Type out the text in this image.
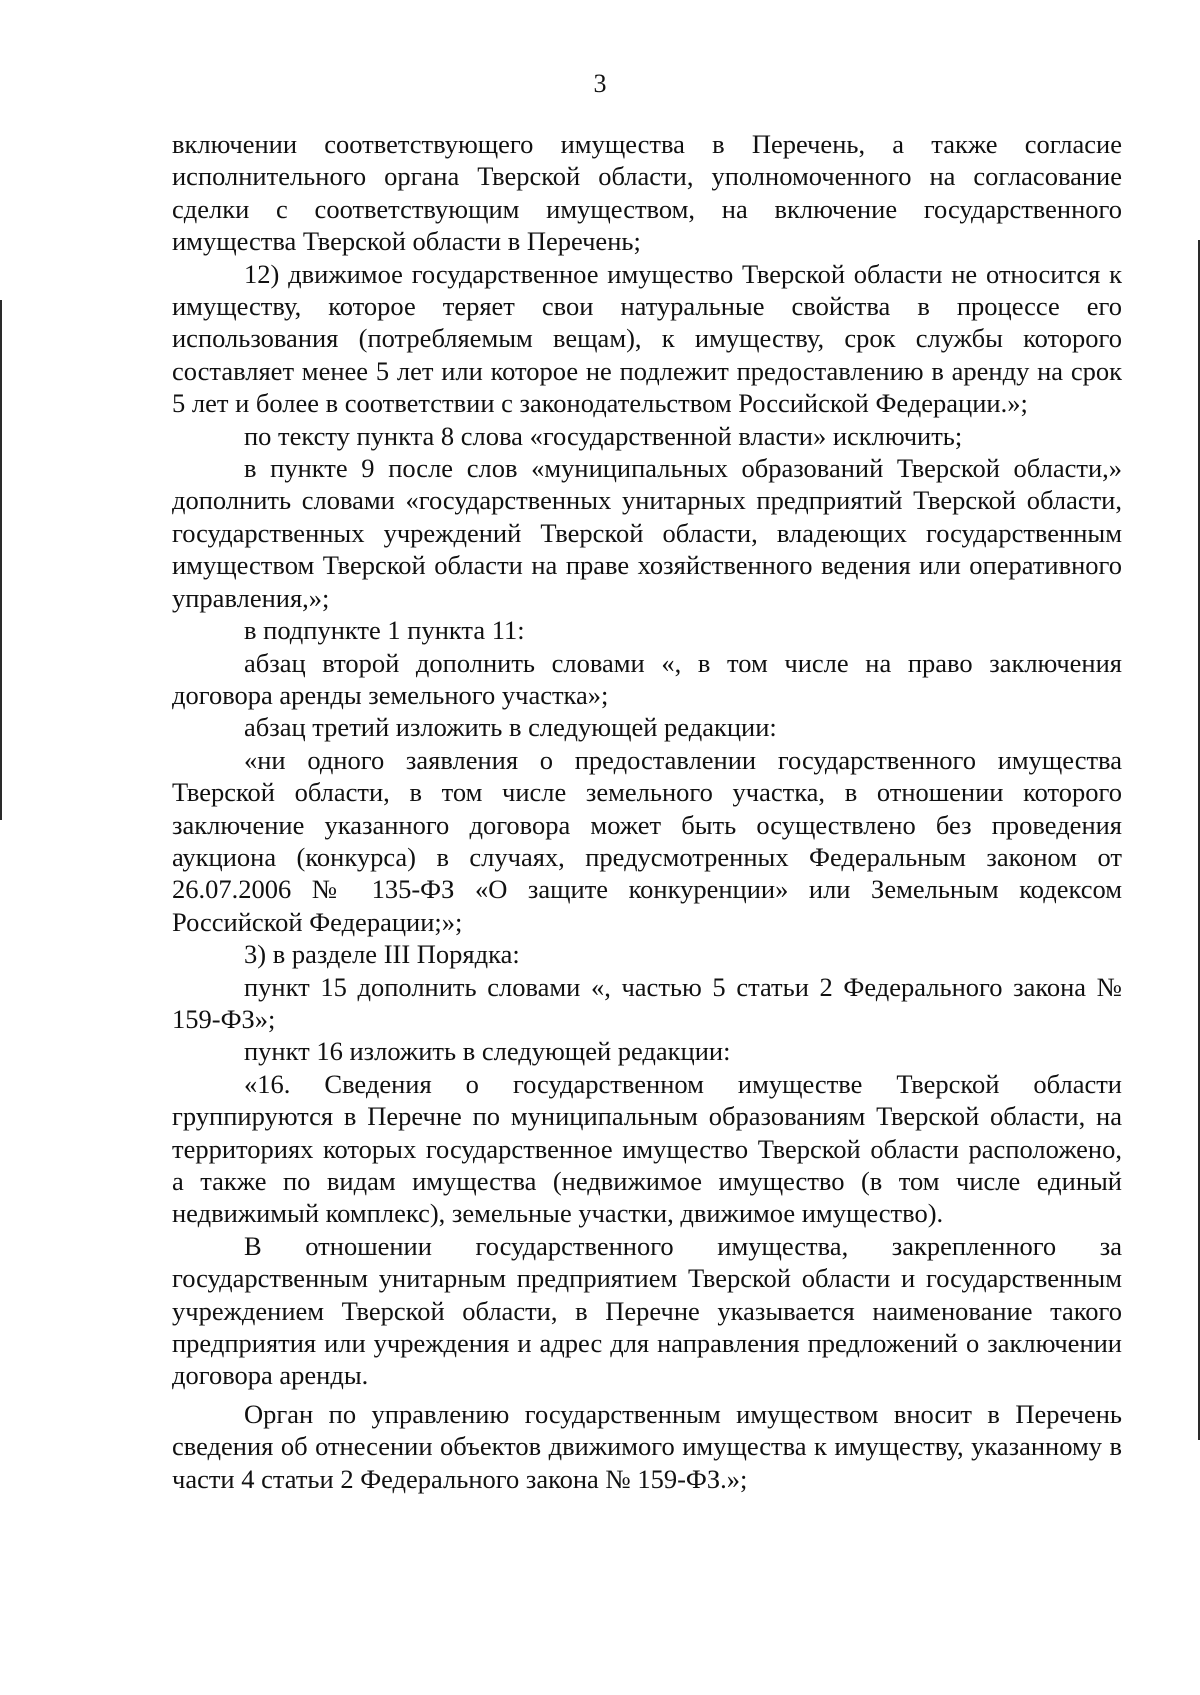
3

включении соответствующего имущества в Перечень, а также согласие исполнительного органа Тверской области, уполномоченного на согласование сделки с соответствующим имуществом, на включение государственного имущества Тверской области в Перечень;

12) движимое государственное имущество Тверской области не относится к имуществу, которое теряет свои натуральные свойства в процессе его использования (потребляемым вещам), к имуществу, срок службы которого составляет менее 5 лет или которое не подлежит предоставлению в аренду на срок 5 лет и более в соответствии с законодательством Российской Федерации.»;

по тексту пункта 8 слова «государственной власти» исключить;

в пункте 9 после слов «муниципальных образований Тверской области,» дополнить словами «государственных унитарных предприятий Тверской области, государственных учреждений Тверской области, владеющих государственным имуществом Тверской области на праве хозяйственного ведения или оперативного управления,»;

в подпункте 1 пункта 11:

абзац второй дополнить словами «, в том числе на право заключения договора аренды земельного участка»;

абзац третий изложить в следующей редакции:

«ни одного заявления о предоставлении государственного имущества Тверской области, в том числе земельного участка, в отношении которого заключение указанного договора может быть осуществлено без проведения аукциона (конкурса) в случаях, предусмотренных Федеральным законом от 26.07.2006 № 135-ФЗ «О защите конкуренции» или Земельным кодексом Российской Федерации;»;

3) в разделе III Порядка:

пункт 15 дополнить словами «, частью 5 статьи 2 Федерального закона № 159-ФЗ»;

пункт 16 изложить в следующей редакции:

«16. Сведения о государственном имуществе Тверской области группируются в Перечне по муниципальным образованиям Тверской области, на территориях которых государственное имущество Тверской области расположено, а также по видам имущества (недвижимое имущество (в том числе единый недвижимый комплекс), земельные участки, движимое имущество).

В отношении государственного имущества, закрепленного за государственным унитарным предприятием Тверской области и государственным учреждением Тверской области, в Перечне указывается наименование такого предприятия или учреждения и адрес для направления предложений о заключении договора аренды.

Орган по управлению государственным имуществом вносит в Перечень сведения об отнесении объектов движимого имущества к имуществу, указанному в части 4 статьи 2 Федерального закона № 159-ФЗ.»;
